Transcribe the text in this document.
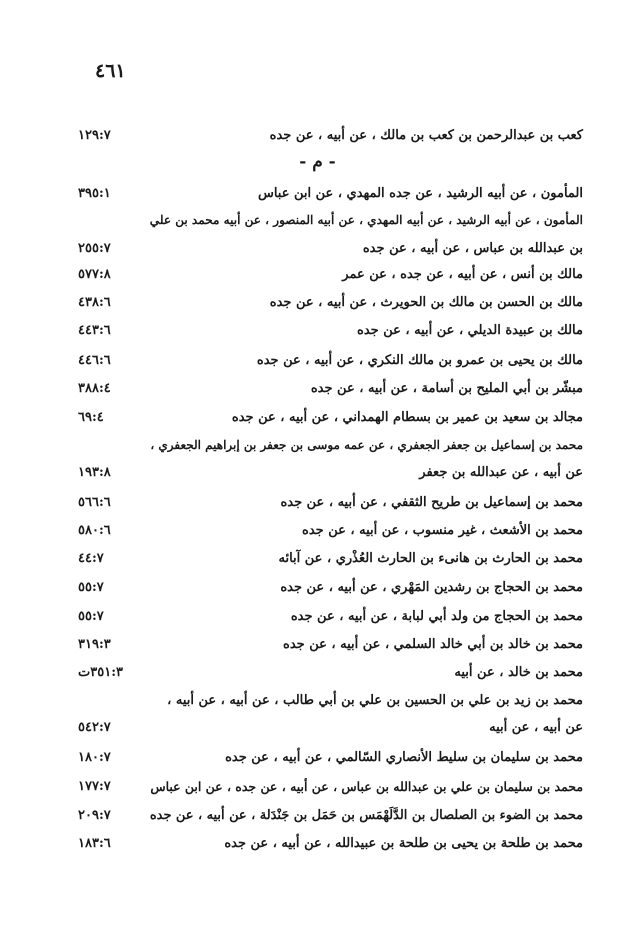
٤٦١
- م -
كعب بن عبدالرحمن بن كعب بن مالك ، عن أبيه ، عن جده
١٢٩:٧
المأمون ، عن أبيه الرشيد ، عن جده المهدي ، عن ابن عباس
٣٩٥:١
المأمون ، عن أبيه الرشيد ، عن أبيه المهدي ، عن أبيه المنصور ، عن أبيه محمد بن علي
بن عبدالله بن عباس ، عن أبيه ، عن جده
٢٥٥:٧
مالك بن أنس ، عن أبيه ، عن جده ، عن عمر
٥٧٧:٨
مالك بن الحسن بن مالك بن الحويرث ، عن أبيه ، عن جده
٤٣٨:٦
مالك بن عبيدة الديلي ، عن أبيه ، عن جده
٤٤٣:٦
مالك بن يحيى بن عمرو بن مالك النكري ، عن أبيه ، عن جده
٤٤٦:٦
مبشّر بن أبي المليح بن أسامة ، عن أبيه ، عن جده
٣٨٨:٤
مجالد بن سعيد بن عمير بن بسطام الهمداني ، عن أبيه ، عن جده
٦٩:٤
محمد بن إسماعيل بن جعفر الجعفري ، عن عمه موسى بن جعفر بن إبراهيم الجعفري ،
عن أبيه ، عن عبدالله بن جعفر
١٩٣:٨
محمد بن إسماعيل بن طريح الثقفي ، عن أبيه ، عن جده
٥٦٦:٦
محمد بن الأشعث ، غير منسوب ، عن أبيه ، عن جده
٥٨٠:٦
محمد بن الحارث بن هانىء بن الحارث العُذْري ، عن آبائه
٤٤:٧
محمد بن الحجاج بن رشدين المَهْري ، عن أبيه ، عن جده
٥٥:٧
محمد بن الحجاج من ولد أبي لبابة ، عن أبيه ، عن جده
٥٥:٧
محمد بن خالد بن أبي خالد السلمي ، عن أبيه ، عن جده
٣١٩:٣
محمد بن خالد ، عن أبيه
٣٥١:٣ت
محمد بن زيد بن علي بن الحسين بن علي بن أبي طالب ، عن أبيه ، عن أبيه ،
عن أبيه ، عن أبيه
٥٤٢:٧
محمد بن سليمان بن سليط الأنصاري السّالمي ، عن أبيه ، عن جده
١٨٠:٧
محمد بن سليمان بن علي بن عبدالله بن عباس ، عن أبيه ، عن جده ، عن ابن عباس
١٧٧:٧
محمد بن الضوء بن الصلصال بن الدَّلَهْمَس بن حَمَل بن جَنْدَلة ، عن أبيه ، عن جده
٢٠٩:٧
محمد بن طلحة بن يحيى بن طلحة بن عبيدالله ، عن أبيه ، عن جده
١٨٣:٦
